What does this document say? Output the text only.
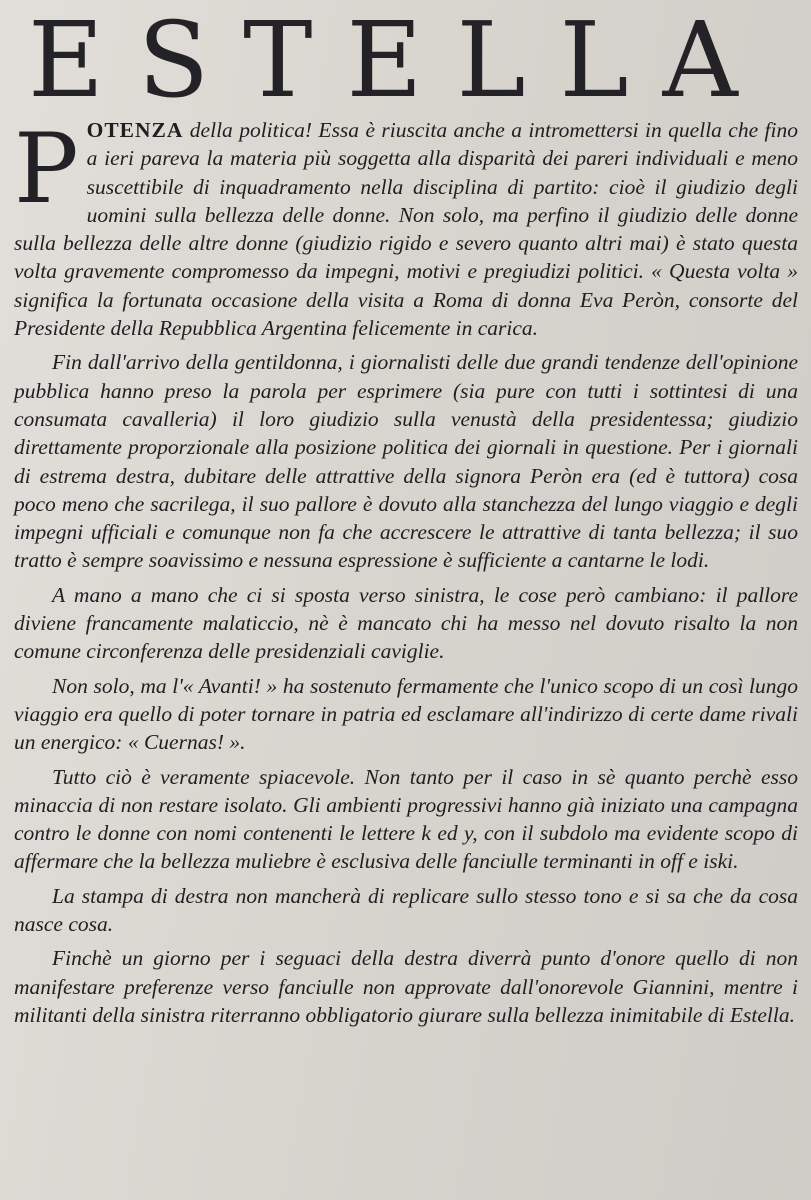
ESTELLA

POTENZA della politica! Essa è riuscita anche a intromettersi in quella che fino a ieri pareva la materia più soggetta alla disparità dei pareri individuali e meno suscettibile di inquadramento nella disciplina di partito: cioè il giudizio degli uomini sulla bellezza delle donne. Non solo, ma perfino il giudizio delle donne sulla bellezza delle altre donne (giudizio rigido e severo quanto altri mai) è stato questa volta gravemente compromesso da impegni, motivi e pregiudizi politici. « Questa volta » significa la fortunata occasione della visita a Roma di donna Eva Peròn, consorte del Presidente della Repubblica Argentina felicemente in carica.

Fin dall'arrivo della gentildonna, i giornalisti delle due grandi tendenze dell'opinione pubblica hanno preso la parola per esprimere (sia pure con tutti i sottintesi di una consumata cavalleria) il loro giudizio sulla venustà della presidentessa; giudizio direttamente proporzionale alla posizione politica dei giornali in questione. Per i giornali di estrema destra, dubitare delle attrattive della signora Peròn era (ed è tuttora) cosa poco meno che sacrilega, il suo pallore è dovuto alla stanchezza del lungo viaggio e degli impegni ufficiali e comunque non fa che accrescere le attrattive di tanta bellezza; il suo tratto è sempre soavissimo e nessuna espressione è sufficiente a cantarne le lodi.

A mano a mano che ci si sposta verso sinistra, le cose però cambiano: il pallore diviene francamente malaticcio, nè è mancato chi ha messo nel dovuto risalto la non comune circonferenza delle presidenziali caviglie.

Non solo, ma l'« Avanti! » ha sostenuto fermamente che l'unico scopo di un così lungo viaggio era quello di poter tornare in patria ed esclamare all'indirizzo di certe dame rivali un energico: « Cuernas! ».

Tutto ciò è veramente spiacevole. Non tanto per il caso in sè quanto perchè esso minaccia di non restare isolato. Gli ambienti progressivi hanno già iniziato una campagna contro le donne con nomi contenenti le lettere k ed y, con il subdolo ma evidente scopo di affermare che la bellezza muliebre è esclusiva delle fanciulle terminanti in off e iski.

La stampa di destra non mancherà di replicare sullo stesso tono e si sa che da cosa nasce cosa.

Finchè un giorno per i seguaci della destra diverrà punto d'onore quello di non manifestare preferenze verso fanciulle non approvate dall'onorevole Giannini, mentre i militanti della sinistra riterranno obbligatorio giurare sulla bellezza inimitabile di Estella.
